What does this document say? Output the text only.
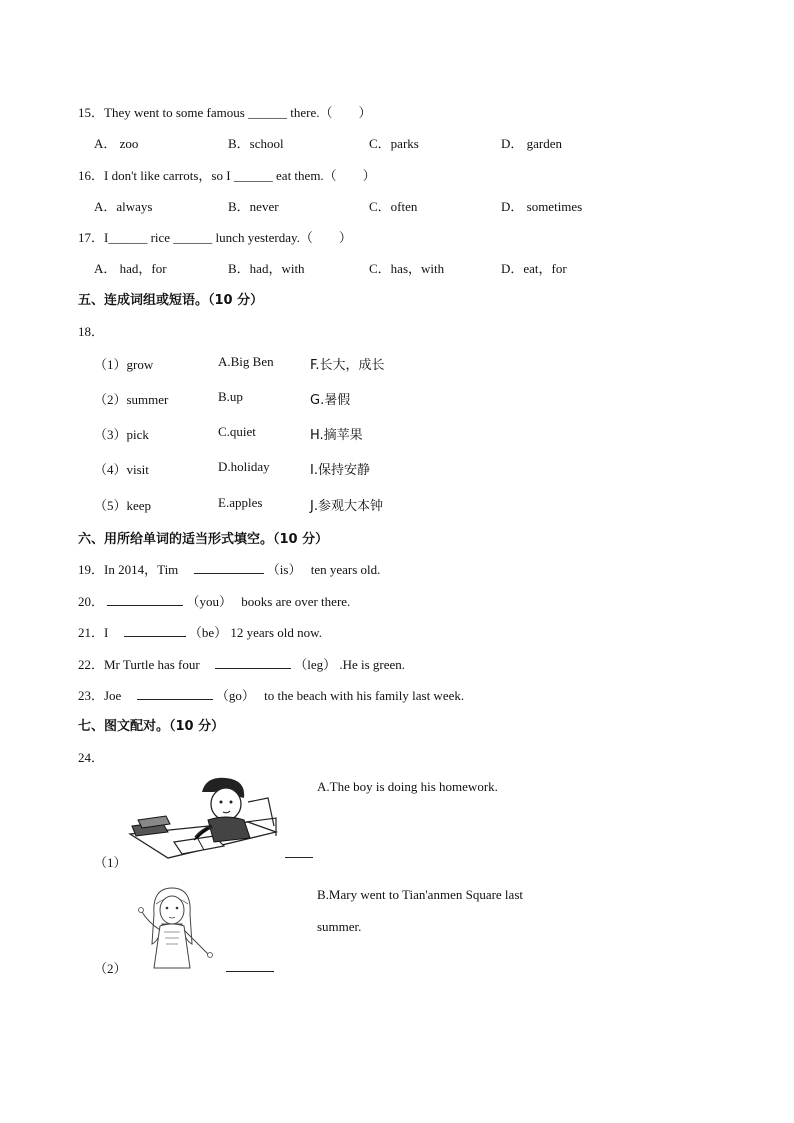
15．They went to some famous ______ there.（　　）
A． zoo	B．school	C．parks	D． garden
16．I don't like carrots，so I ______ eat them.（　　）
A．always	B．never	C．often	D． sometimes
17．I______ rice ______ lunch yesterday.（　　）
A． had，for	B．had，with	C．has，with	D．eat，for
五、连成词组或短语。（10 分）
18．
（1）grow	A.Big Ben	F.长大，成长
（2）summer	B.up	G.暑假
（3）pick	C.quiet	H.摘苹果
（4）visit	D.holiday	I.保持安静
（5）keep	E.apples	J.参观大本钟
六、用所给单词的适当形式填空。（10 分）
19．In 2014，Tim	（is） ten years old.
20．	（you） books are over there.
21．I	（be） 12 years old now.
22．Mr Turtle has four	（leg） .He is green.
23．Joe	（go） to the beach with his family last week.
七、图文配对。（10 分）
24．
A.The boy is doing his homework.
（1）
B.Mary went to Tian'anmen Square last
summer.
（2）
